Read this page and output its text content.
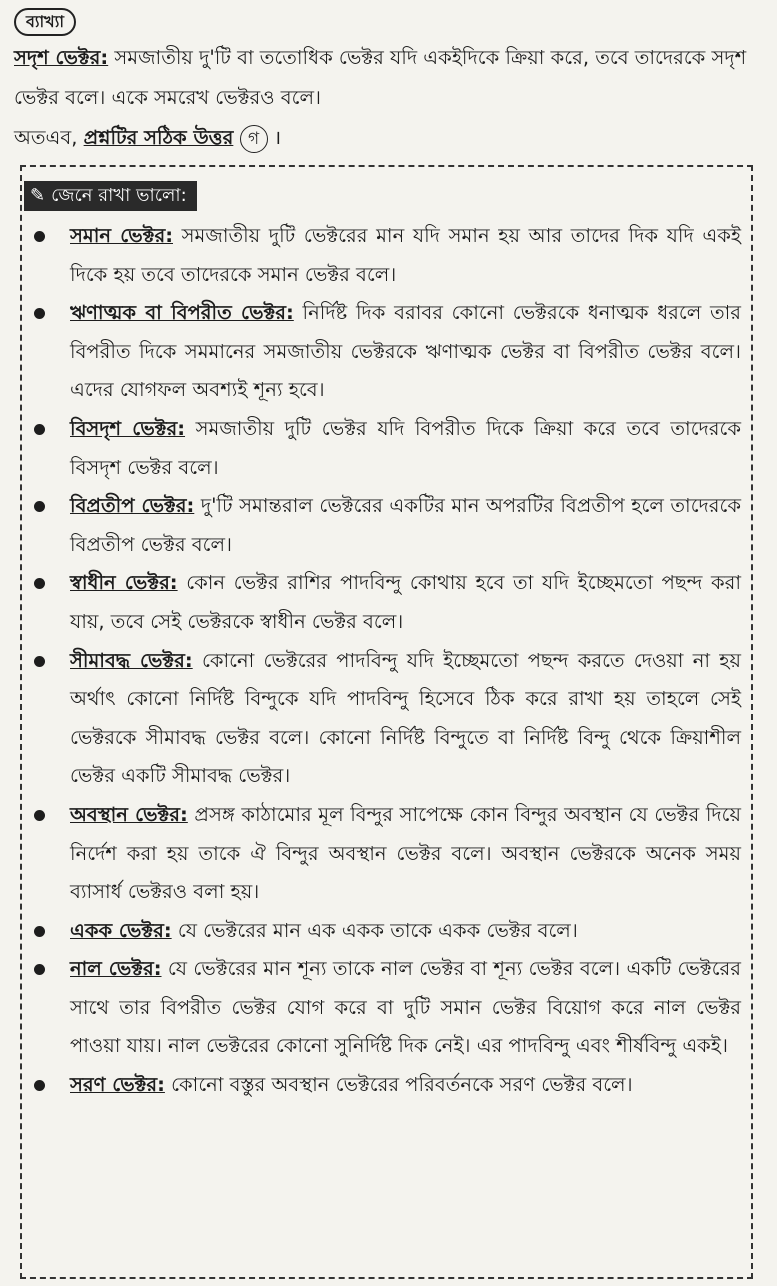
ব্যাখ্যা
সদৃশ ভেক্টর: সমজাতীয় দু'টি বা ততোধিক ভেক্টর যদি একইদিকে ক্রিয়া করে, তবে তাদেরকে সদৃশ ভেক্টর বলে। একে সমরেখ ভেক্টরও বলে।
অতএব, প্রশ্নটির সঠিক উত্তর গ ।
✎ জেনে রাখা ভালো:
সমান ভেক্টর: সমজাতীয় দুটি ভেক্টরের মান যদি সমান হয় আর তাদের দিক যদি একই দিকে হয় তবে তাদেরকে সমান ভেক্টর বলে।
ঋণাত্মক বা বিপরীত ভেক্টর: নির্দিষ্ট দিক বরাবর কোনো ভেক্টরকে ধনাত্মক ধরলে তার বিপরীত দিকে সমমানের সমজাতীয় ভেক্টরকে ঋণাত্মক ভেক্টর বা বিপরীত ভেক্টর বলে। এদের যোগফল অবশ্যই শূন্য হবে।
বিসদৃশ ভেক্টর: সমজাতীয় দুটি ভেক্টর যদি বিপরীত দিকে ক্রিয়া করে তবে তাদেরকে বিসদৃশ ভেক্টর বলে।
বিপ্রতীপ ভেক্টর: দু'টি সমান্তরাল ভেক্টরের একটির মান অপরটির বিপ্রতীপ হলে তাদেরকে বিপ্রতীপ ভেক্টর বলে।
স্বাধীন ভেক্টর: কোন ভেক্টর রাশির পাদবিন্দু কোথায় হবে তা যদি ইচ্ছেমতো পছন্দ করা যায়, তবে সেই ভেক্টরকে স্বাধীন ভেক্টর বলে।
সীমাবদ্ধ ভেক্টর: কোনো ভেক্টরের পাদবিন্দু যদি ইচ্ছেমতো পছন্দ করতে দেওয়া না হয় অর্থাৎ কোনো নির্দিষ্ট বিন্দুকে যদি পাদবিন্দু হিসেবে ঠিক করে রাখা হয় তাহলে সেই ভেক্টরকে সীমাবদ্ধ ভেক্টর বলে। কোনো নির্দিষ্ট বিন্দুতে বা নির্দিষ্ট বিন্দু থেকে ক্রিয়াশীল ভেক্টর একটি সীমাবদ্ধ ভেক্টর।
অবস্থান ভেক্টর: প্রসঙ্গ কাঠামোর মূল বিন্দুর সাপেক্ষে কোন বিন্দুর অবস্থান যে ভেক্টর দিয়ে নির্দেশ করা হয় তাকে ঐ বিন্দুর অবস্থান ভেক্টর বলে। অবস্থান ভেক্টরকে অনেক সময় ব্যাসার্ধ ভেক্টরও বলা হয়।
একক ভেক্টর: যে ভেক্টরের মান এক একক তাকে একক ভেক্টর বলে।
নাল ভেক্টর: যে ভেক্টরের মান শূন্য তাকে নাল ভেক্টর বা শূন্য ভেক্টর বলে। একটি ভেক্টরের সাথে তার বিপরীত ভেক্টর যোগ করে বা দুটি সমান ভেক্টর বিয়োগ করে নাল ভেক্টর পাওয়া যায়। নাল ভেক্টরের কোনো সুনির্দিষ্ট দিক নেই। এর পাদবিন্দু এবং শীর্ষবিন্দু একই।
সরণ ভেক্টর: কোনো বস্তুর অবস্থান ভেক্টরের পরিবর্তনকে সরণ ভেক্টর বলে।
